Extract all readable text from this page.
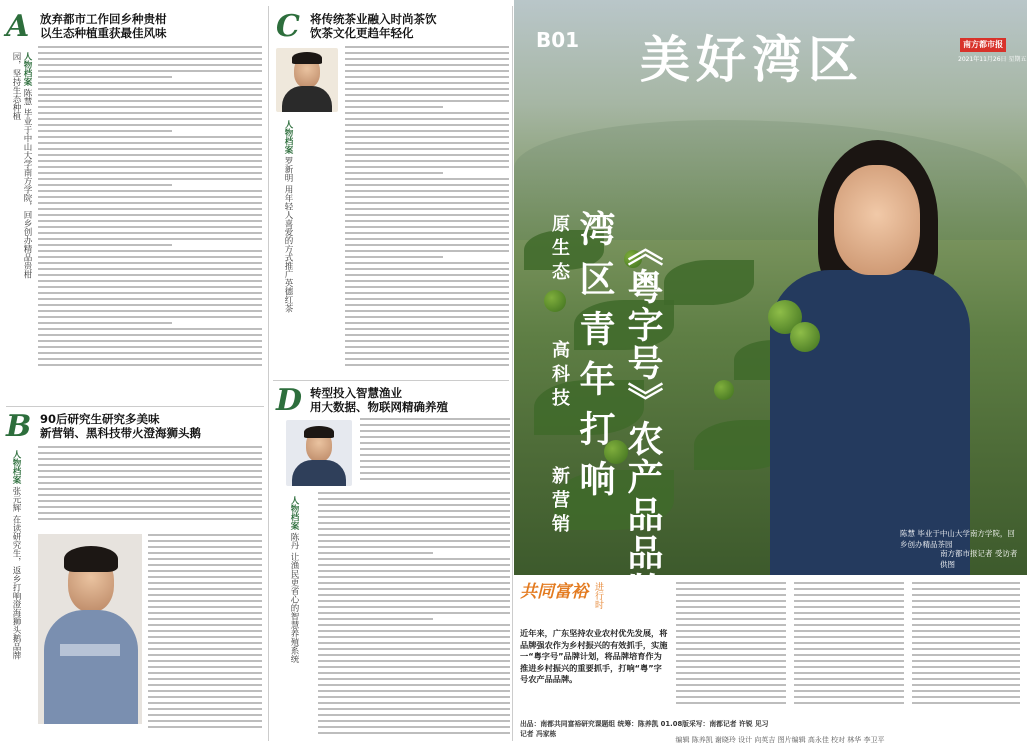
A 放弃都市工作回乡种贵柑
以生态种植重获最佳风味
人物档案 陈慧 毕业于中山大学南方学院，回乡创办精品贵柑园，坚持生态种植
B 90后研究生研究多美味
新营销、黑科技带火澄海狮头鹅
人物档案 张元辉 在读研究生，返乡打响澄海狮头鹅品牌
C 将传统茶业融入时尚茶饮
饮茶文化更趋年轻化
人物档案 罗新明 用年轻人喜爱的方式推广英德红茶
D 转型投入智慧渔业
用大数据、物联网精确养殖
人物档案 陈丹 让渔民更省心的智慧养殖系统
B01 美好湾区	南方都市报
2021年11月26日 星期五
《粤字号》农产品品牌
湾区青年打响
原生态
高科技
新营销	陈慧 毕业于中山大学南方学院，回乡创办精品茶园
南方都市报记者 受访者供图
共同富裕 进行时
近年来，广东坚持农业农村优先发展，将品牌强农作为乡村振兴的有效抓手，实施一“粤字号”品牌计划，将品牌培育作为推进乡村振兴的重要抓手，打响“粤”字号农产品品牌。
出品：南都共同富裕研究课题组 统筹：陈养凯 01.08版采写：南都记者 许锐 见习记者 冯家栋
编辑 陈养凯 谢晓玲 设计 向英吉 图片编辑 高永佳 校对 林华 李卫平
